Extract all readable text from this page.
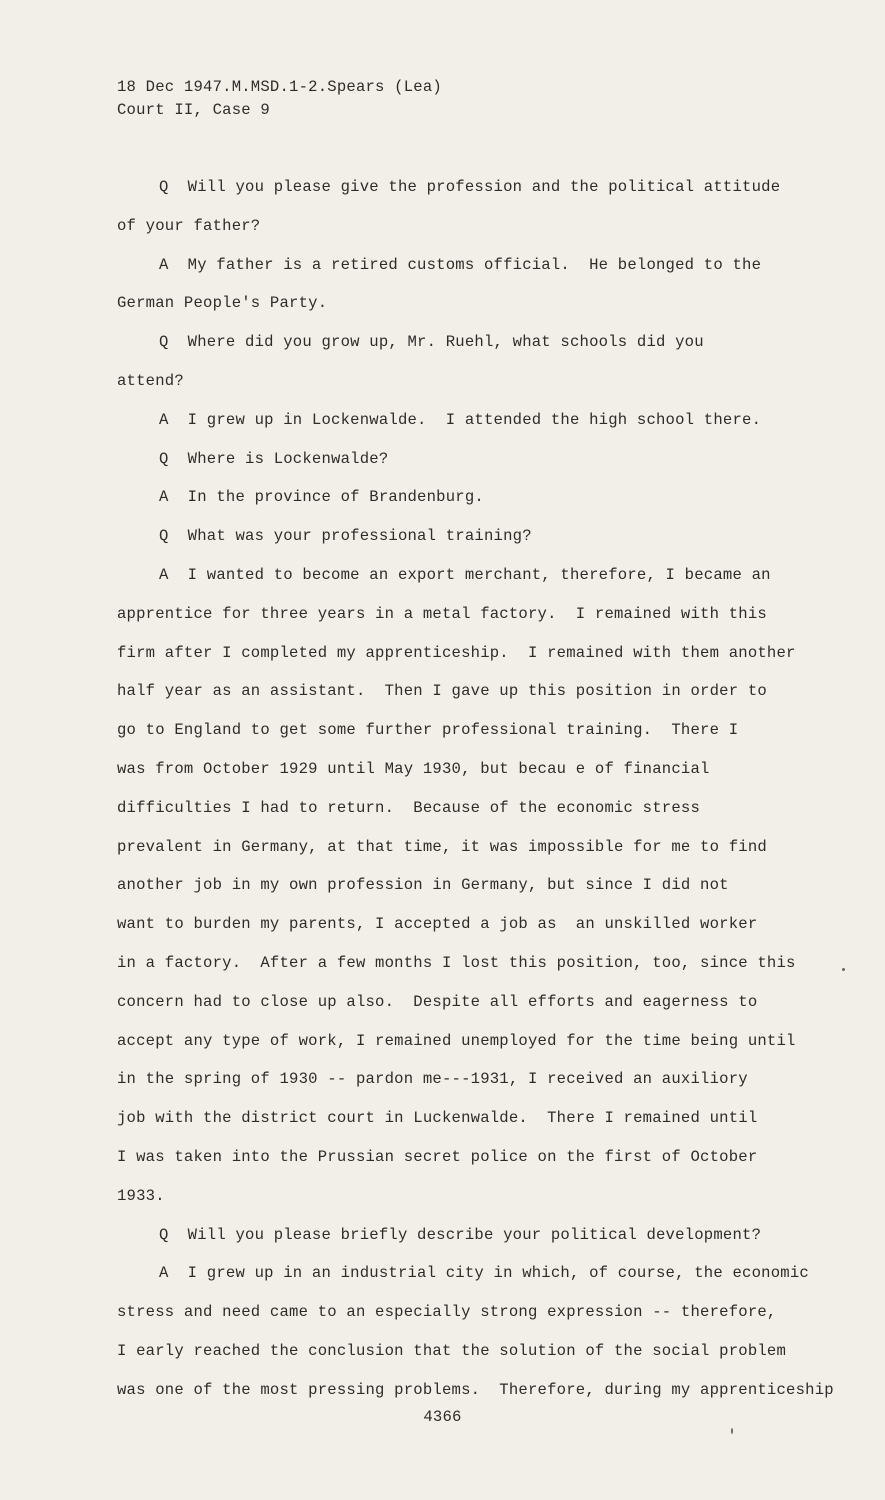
18 Dec 1947.M.MSD.1-2.Spears (Lea)
Court II, Case 9
Q  Will you please give the profession and the political attitude
of your father?
A  My father is a retired customs official.  He belonged to the
German People's Party.
Q  Where did you grow up, Mr. Ruehl, what schools did you
attend?
A  I grew up in Lockenwalde.  I attended the high school there.
Q  Where is Lockenwalde?
A  In the province of Brandenburg.
Q  What was your professional training?
A  I wanted to become an export merchant, therefore, I became an
apprentice for three years in a metal factory.  I remained with this
firm after I completed my apprenticeship.  I remained with them another
half year as an assistant.  Then I gave up this position in order to
go to England to get some further professional training.  There I
was from October 1929 until May 1930, but becau e of financial
difficulties I had to return.  Because of the economic stress
prevalent in Germany, at that time, it was impossible for me to find
another job in my own profession in Germany, but since I did not
want to burden my parents, I accepted a job as  an unskilled worker
in a factory.  After a few months I lost this position, too, since this
concern had to close up also.  Despite all efforts and eagerness to
accept any type of work, I remained unemployed for the time being until
in the spring of 1930 -- pardon me---1931, I received an auxiliory
job with the district court in Luckenwalde.  There I remained until
I was taken into the Prussian secret police on the first of October
1933.
Q  Will you please briefly describe your political development?
A  I grew up in an industrial city in which, of course, the economic
stress and need came to an especially strong expression -- therefore,
I early reached the conclusion that the solution of the social problem
was one of the most pressing problems.  Therefore, during my apprenticeship
4366
